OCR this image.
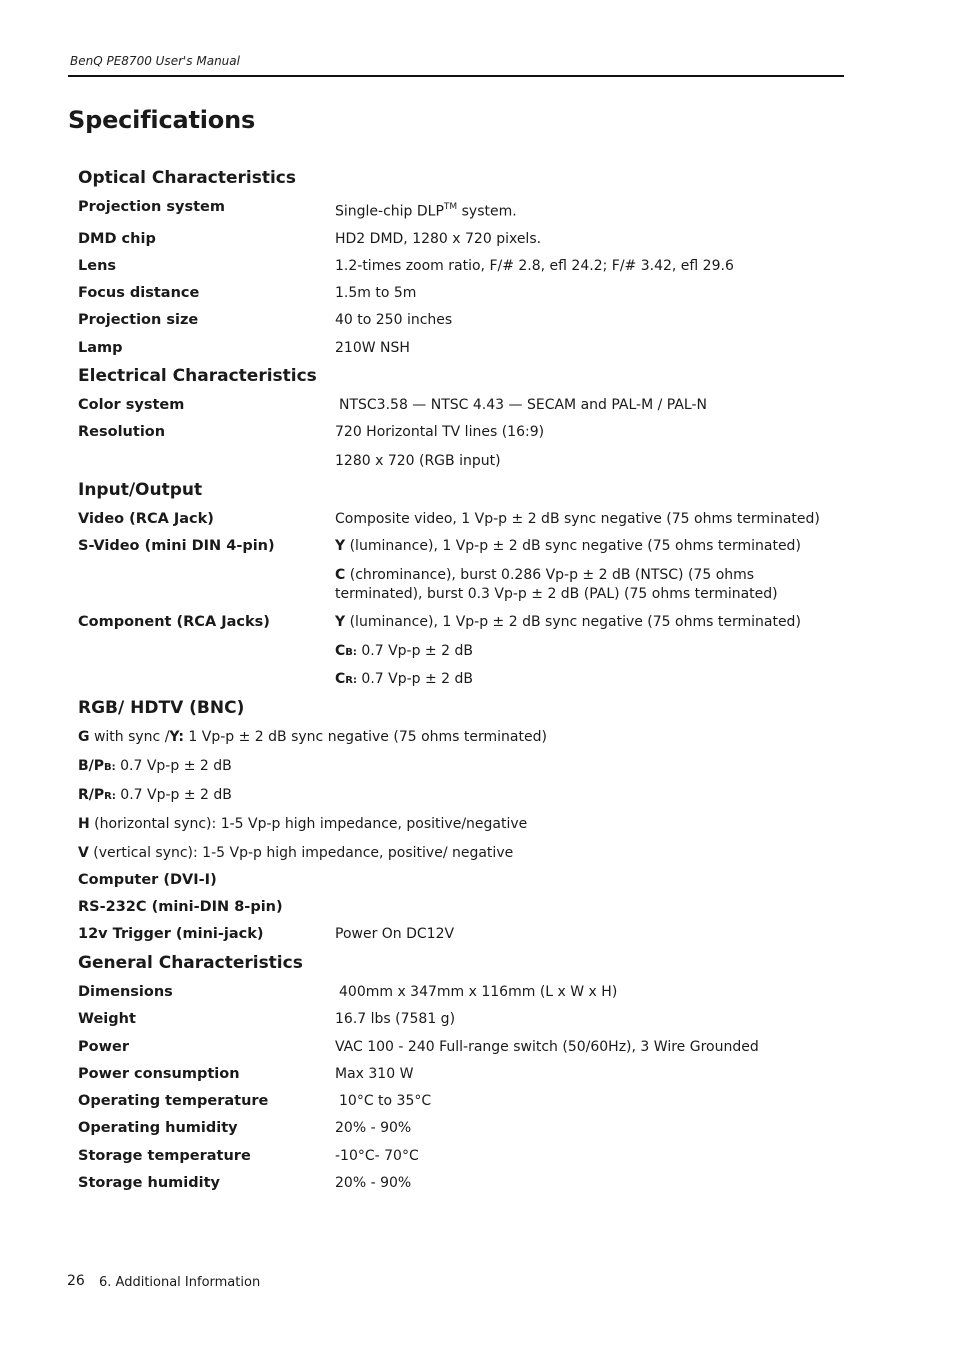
BenQ PE8700 User's Manual
Specifications
Optical Characteristics
Projection system	Single-chip DLP™ system.
DMD chip	HD2 DMD, 1280 x 720 pixels.
Lens	1.2-times zoom ratio, F/# 2.8, efl 24.2; F/# 3.42, efl 29.6
Focus distance	1.5m to 5m
Projection size	40 to 250 inches
Lamp	210W NSH
Electrical Characteristics
Color system	NTSC3.58 — NTSC 4.43 — SECAM and PAL-M / PAL-N
Resolution	720 Horizontal TV lines (16:9)
1280 x 720 (RGB input)
Input/Output
Video (RCA Jack)	Composite video, 1 Vp-p ± 2 dB sync negative (75 ohms terminated)
S-Video (mini DIN 4-pin)	Y (luminance), 1 Vp-p ± 2 dB sync negative (75 ohms terminated)
C (chrominance), burst 0.286 Vp-p ± 2 dB (NTSC) (75 ohms terminated), burst 0.3 Vp-p ± 2 dB (PAL) (75 ohms terminated)
Component (RCA Jacks)	Y (luminance), 1 Vp-p ± 2 dB sync negative (75 ohms terminated)
CB: 0.7 Vp-p ± 2 dB
CR: 0.7 Vp-p ± 2 dB
RGB/ HDTV (BNC)
G with sync /Y: 1 Vp-p ± 2 dB sync negative (75 ohms terminated)
B/PB: 0.7 Vp-p ± 2 dB
R/PR: 0.7 Vp-p ± 2 dB
H (horizontal sync): 1-5 Vp-p high impedance, positive/negative
V (vertical sync): 1-5 Vp-p high impedance, positive/ negative
Computer (DVI-I)
RS-232C (mini-DIN 8-pin)
12v Trigger (mini-jack)	Power On DC12V
General Characteristics
Dimensions	400mm x 347mm x 116mm (L x W x H)
Weight	16.7 lbs (7581 g)
Power	VAC 100 - 240 Full-range switch (50/60Hz), 3 Wire Grounded
Power consumption	Max 310 W
Operating temperature	10°C to 35°C
Operating humidity	20% - 90%
Storage temperature	-10°C- 70°C
Storage humidity	20% - 90%
26 6. Additional Information
